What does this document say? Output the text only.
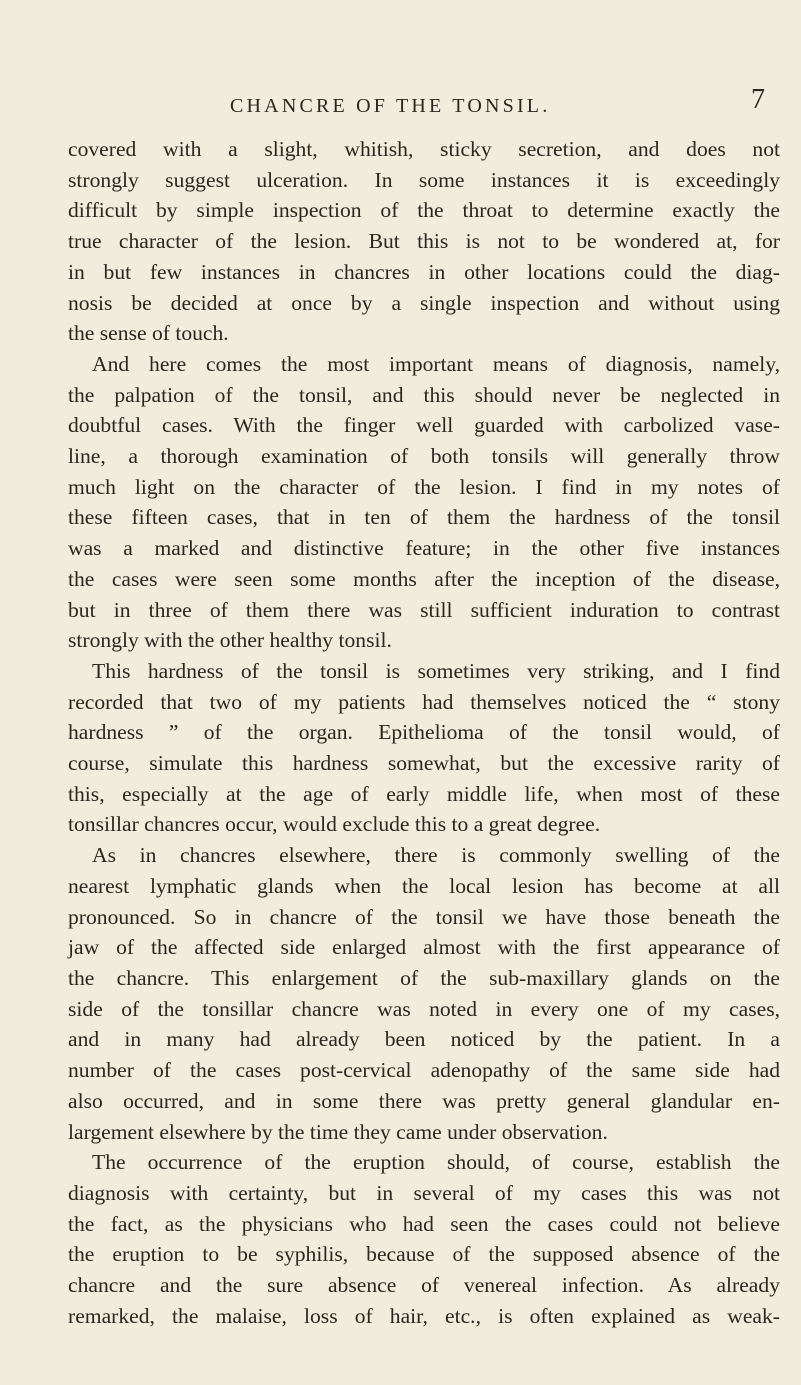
CHANCRE OF THE TONSIL.	7
covered with a slight, whitish, sticky secretion, and does not
strongly suggest ulceration. In some instances it is exceedingly
difficult by simple inspection of the throat to determine exactly the
true character of the lesion. But this is not to be wondered at, for
in but few instances in chancres in other locations could the diag-
nosis be decided at once by a single inspection and without using
the sense of touch.
And here comes the most important means of diagnosis, namely,
the palpation of the tonsil, and this should never be neglected in
doubtful cases. With the finger well guarded with carbolized vase-
line, a thorough examination of both tonsils will generally throw
much light on the character of the lesion. I find in my notes of
these fifteen cases, that in ten of them the hardness of the tonsil
was a marked and distinctive feature; in the other five instances
the cases were seen some months after the inception of the disease,
but in three of them there was still sufficient induration to contrast
strongly with the other healthy tonsil.
This hardness of the tonsil is sometimes very striking, and I find
recorded that two of my patients had themselves noticed the “ stony
hardness ” of the organ. Epithelioma of the tonsil would, of
course, simulate this hardness somewhat, but the excessive rarity of
this, especially at the age of early middle life, when most of these
tonsillar chancres occur, would exclude this to a great degree.
As in chancres elsewhere, there is commonly swelling of the
nearest lymphatic glands when the local lesion has become at all
pronounced. So in chancre of the tonsil we have those beneath the
jaw of the affected side enlarged almost with the first appearance of
the chancre. This enlargement of the sub-maxillary glands on the
side of the tonsillar chancre was noted in every one of my cases,
and in many had already been noticed by the patient. In a
number of the cases post-cervical adenopathy of the same side had
also occurred, and in some there was pretty general glandular en-
largement elsewhere by the time they came under observation.
The occurrence of the eruption should, of course, establish the
diagnosis with certainty, but in several of my cases this was not
the fact, as the physicians who had seen the cases could not believe
the eruption to be syphilis, because of the supposed absence of the
chancre and the sure absence of venereal infection. As already
remarked, the malaise, loss of hair, etc., is often explained as weak-
